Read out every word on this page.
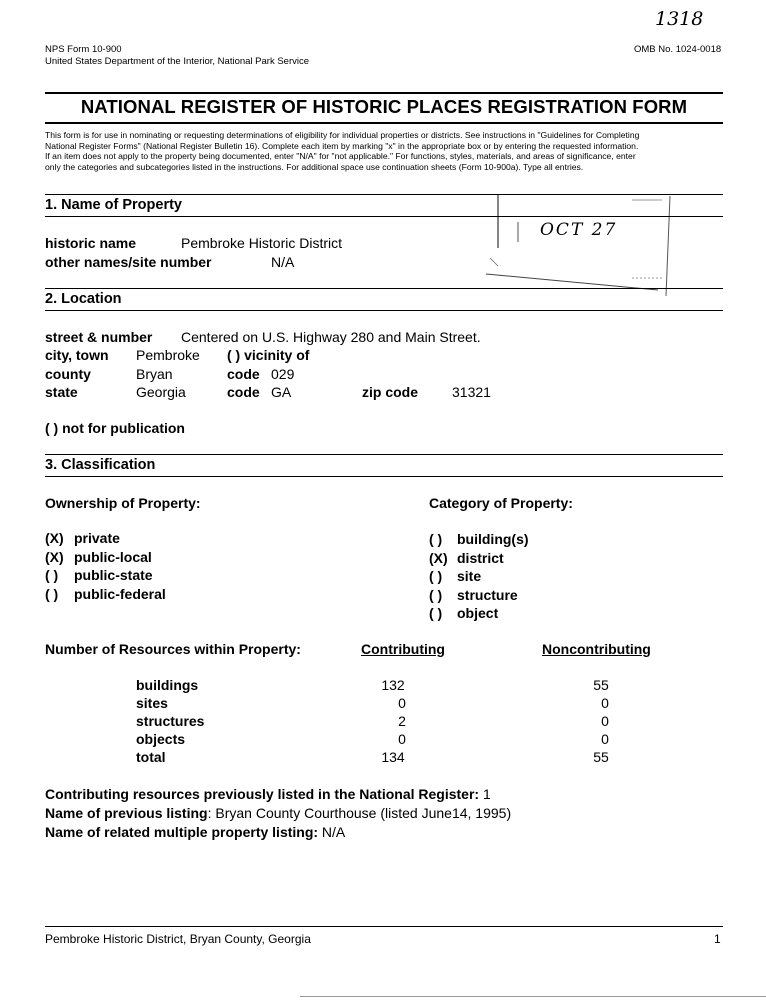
1318
NPS Form 10-900
United States Department of the Interior, National Park Service
OMB No. 1024-0018
NATIONAL REGISTER OF HISTORIC PLACES REGISTRATION FORM
This form is for use in nominating or requesting determinations of eligibility for individual properties or districts. See instructions in "Guidelines for Completing
National Register Forms" (National Register Bulletin 16). Complete each item by marking "x" in the appropriate box or by entering the requested information.
If an item does not apply to the property being documented, enter "N/A" for "not applicable." For functions, styles, materials, and areas of significance, enter
only the categories and subcategories listed in the instructions. For additional space use continuation sheets (Form 10-900a). Type all entries.
OCT 27
1. Name of Property
historic name	Pembroke Historic District
other names/site number	N/A
2. Location
street & number Centered on U.S. Highway 280 and Main Street.
city, town Pembroke ( ) vicinity of
county	Bryan	code 029
state	Georgia	code GA	zip code 31321
( ) not for publication
3. Classification
Ownership of Property:	Category of Property:
(X) private
(X) public-local
( ) public-state
( ) public-federal
( ) building(s)
(X) district
( ) site
( ) structure
( ) object
Number of Resources within Property:	Contributing	Noncontributing
buildings	132	55
sites	0	0
structures	2	0
objects	0	0
total	134	55
Contributing resources previously listed in the National Register: 1
Name of previous listing: Bryan County Courthouse (listed June14, 1995)
Name of related multiple property listing: N/A
Pembroke Historic District, Bryan County, Georgia	1
